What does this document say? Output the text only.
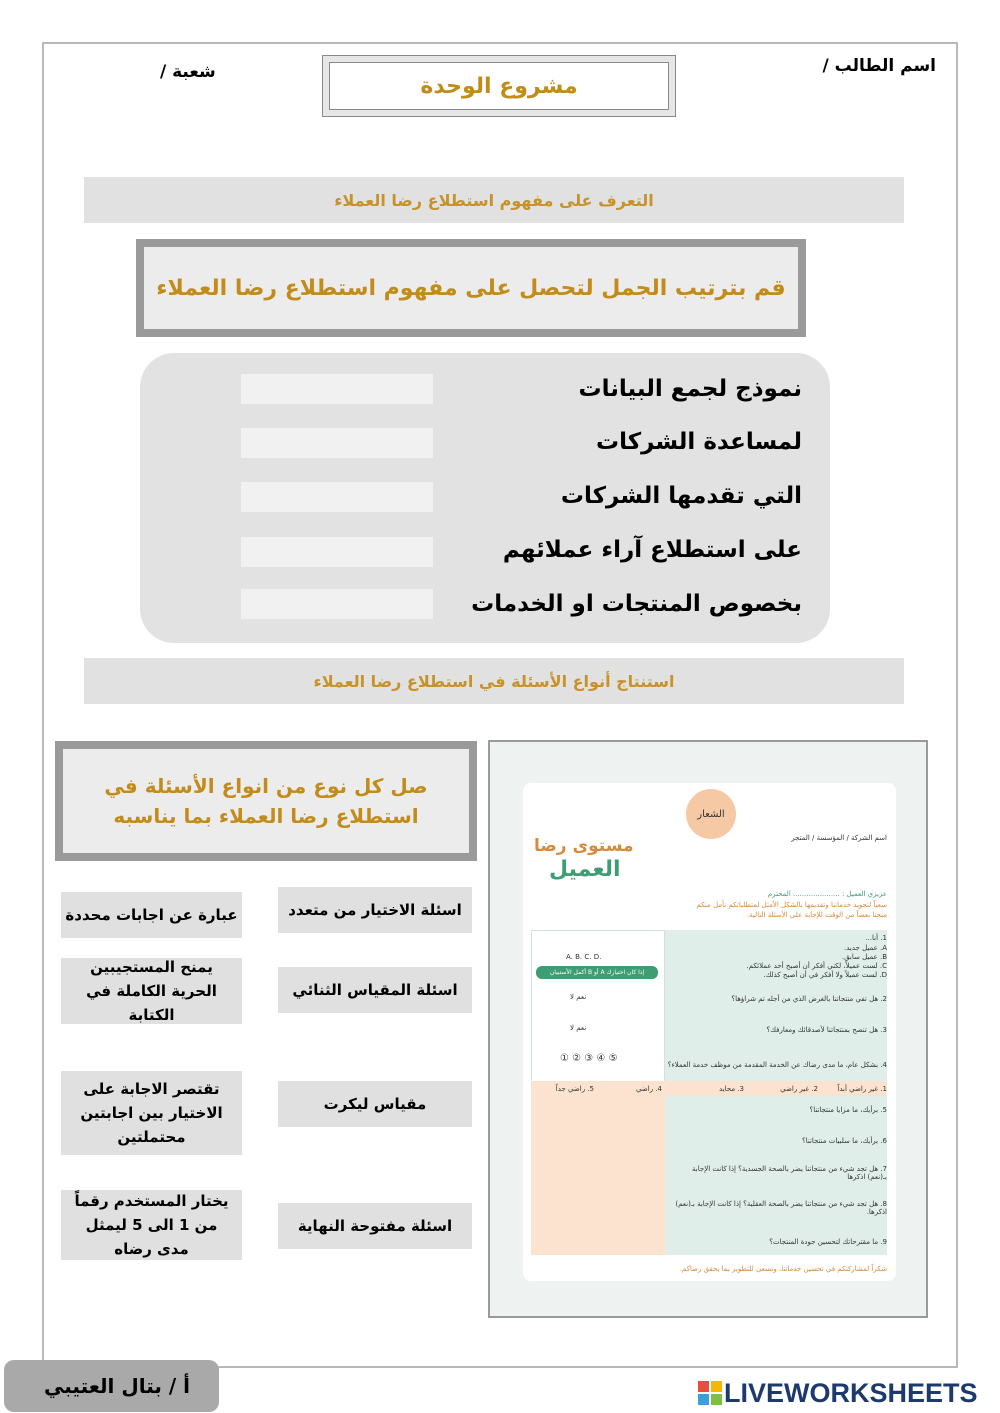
اسم الطالب /
شعبة /
مشروع الوحدة
التعرف على مفهوم استطلاع رضا العملاء
قم بترتيب الجمل لتحصل على مفهوم استطلاع رضا العملاء
نموذج لجمع البيانات
لمساعدة الشركات
التي تقدمها الشركات
على استطلاع آراء عملائهم
بخصوص المنتجات او الخدمات
استنتاج أنواع الأسئلة في استطلاع رضا العملاء
صل كل نوع من انواع الأسئلة في
استطلاع رضا العملاء بما يناسبه
اسئلة الاختيار من متعدد
اسئلة المقياس الثنائي
مقياس ليكرت
اسئلة مفتوحة النهاية
عبارة عن اجابات محددة
يمنح المستجيبين الحرية الكاملة في الكتابة
تقتصر الاجابة على الاختيار بين اجابتين محتملتين
يختار المستخدم رقماً من 1 الى 5 ليمثل مدى رضاه
الشعار
اسم الشركة / المؤسسة / المتجر
مستوى رضا
العميل
عزيزي العميل : ..................... المحترم
سعياً لتجويد خدماتنا وتقديمها بالشكل الأمثل لمتطلباتكم نأمل منكم
منحنا بعضاً من الوقت للإجابة على الأسئلة التالية.
1. أنا...
A. عميل جديد.
B. عميل سابق.
C. لست عميلاً، لكني أفكر أن أصبح أحد عملائكم.
D. لست عميلاً ولا أفكر في أن أصبح كذلك.
A. B. C. D.
إذا كان اختيارك A أو B أكمل الأستبيان
2. هل تفي منتجاتنا بالغرض الذي من أجله تم شراؤها؟
نعم لا
3. هل تنصح بمنتجاتنا لأصدقائك ومعارفك؟
نعم لا
4. بشكل عام، ما مدى رضاك عن الخدمة المقدمة من موظف خدمة العملاء؟
① ② ③ ④ ⑤
1. غير راضي أبداً
2. غير راضي
3. محايد
4. راضي
5. راضي جداً
5. برأيك، ما مزايا منتجاتنا؟
6. برأيك، ما سلبيات منتجاتنا؟
7. هل تجد شيء من منتجاتنا يضر بالصحة الجسدية؟ إذا كانت الإجابة بـ(نعم) اذكرها
8. هل تجد شيء من منتجاتنا يضر بالصحة العقلية؟ إذا كانت الإجابة بـ(نعم) اذكرها.
9. ما مقترحاتك لتحسين جودة المنتجات؟
شكراً لمشاركتكم في تحسين خدماتنا، ونسعى للتطوير بما يحقق رضاكم.
أ / بتال العتيبي	LIVEWORKSHEETS
